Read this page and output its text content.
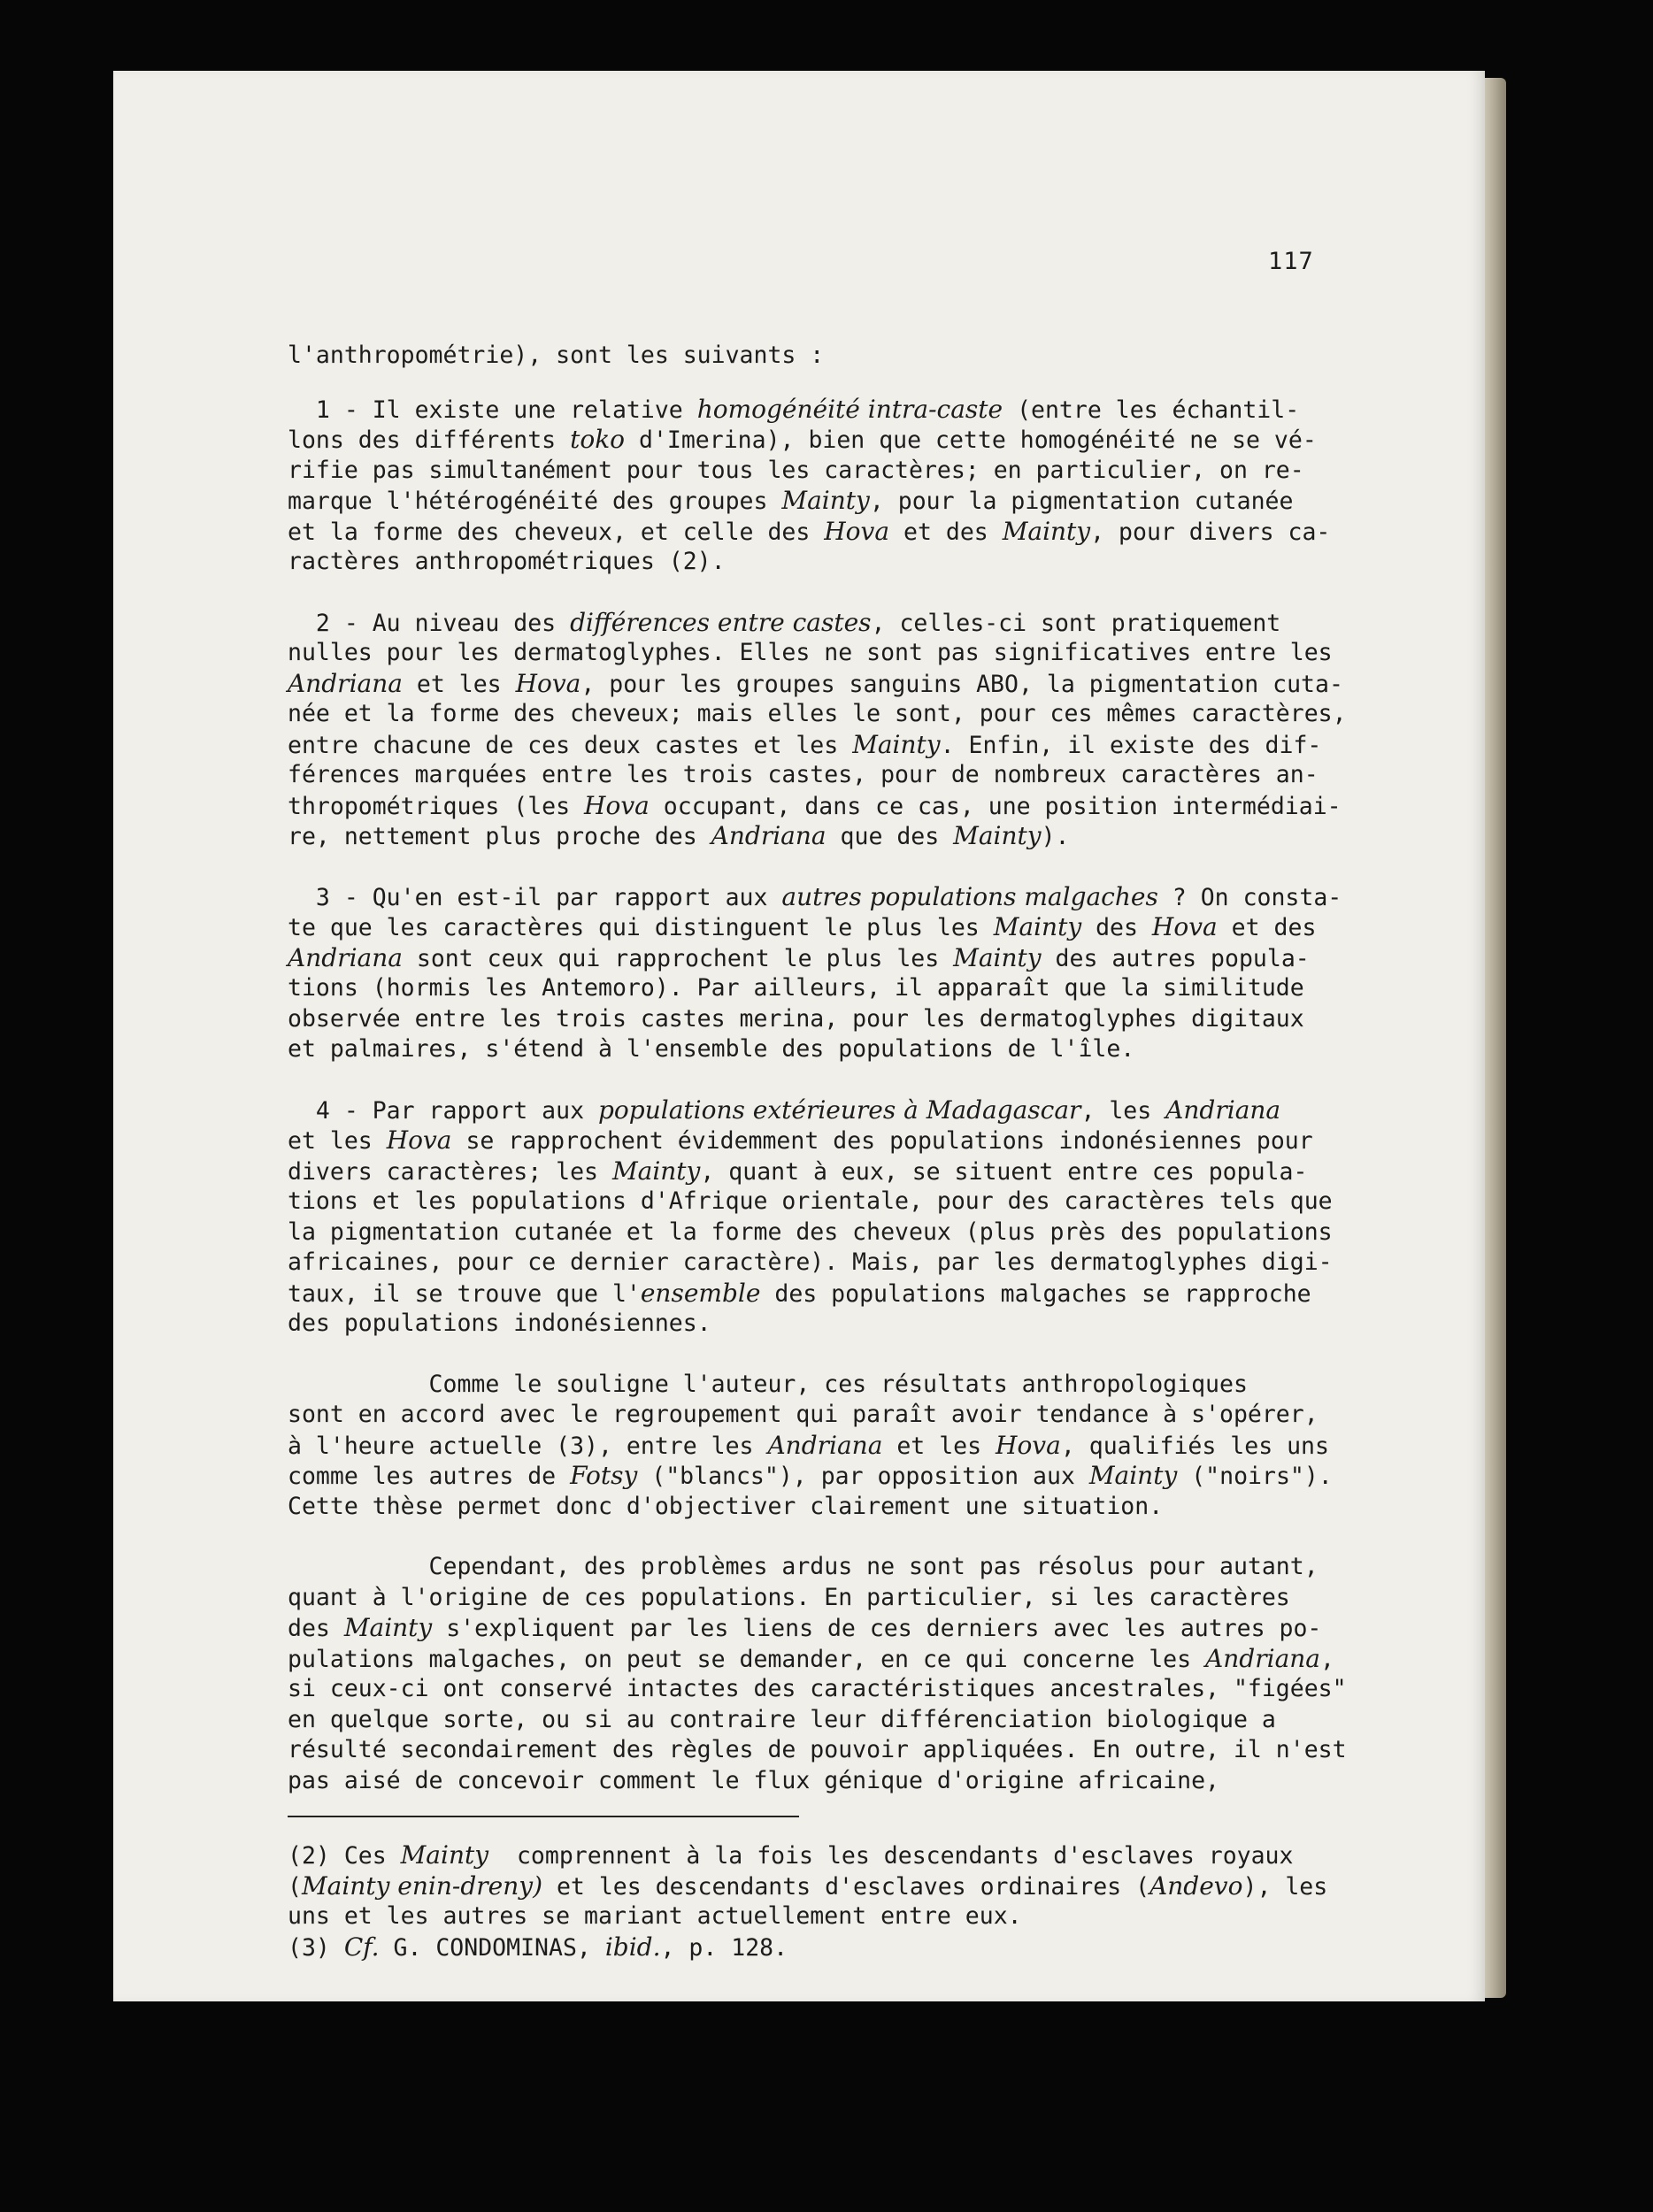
117
l'anthropométrie), sont les suivants :
1 - Il existe une relative homogénéité intra-caste (entre les échantil-
lons des différents toko d'Imerina), bien que cette homogénéité ne se vé-
rifie pas simultanément pour tous les caractères; en particulier, on re-
marque l'hétérogénéité des groupes Mainty, pour la pigmentation cutanée
et la forme des cheveux, et celle des Hova et des Mainty, pour divers ca-
ractères anthropométriques (2).
2 - Au niveau des différences entre castes, celles-ci sont pratiquement
nulles pour les dermatoglyphes. Elles ne sont pas significatives entre les
Andriana et les Hova, pour les groupes sanguins ABO, la pigmentation cuta-
née et la forme des cheveux; mais elles le sont, pour ces mêmes caractères,
entre chacune de ces deux castes et les Mainty. Enfin, il existe des dif-
férences marquées entre les trois castes, pour de nombreux caractères an-
thropométriques (les Hova occupant, dans ce cas, une position intermédiai-
re, nettement plus proche des Andriana que des Mainty).
3 - Qu'en est-il par rapport aux autres populations malgaches ? On consta-
te que les caractères qui distinguent le plus les Mainty des Hova et des
Andriana sont ceux qui rapprochent le plus les Mainty des autres popula-
tions (hormis les Antemoro). Par ailleurs, il apparaît que la similitude
observée entre les trois castes merina, pour les dermatoglyphes digitaux
et palmaires, s'étend à l'ensemble des populations de l'île.
4 - Par rapport aux populations extérieures à Madagascar, les Andriana
et les Hova se rapprochent évidemment des populations indonésiennes pour
divers caractères; les Mainty, quant à eux, se situent entre ces popula-
tions et les populations d'Afrique orientale, pour des caractères tels que
la pigmentation cutanée et la forme des cheveux (plus près des populations
africaines, pour ce dernier caractère). Mais, par les dermatoglyphes digi-
taux, il se trouve que l'ensemble des populations malgaches se rapproche
des populations indonésiennes.
Comme le souligne l'auteur, ces résultats anthropologiques
sont en accord avec le regroupement qui paraît avoir tendance à s'opérer,
à l'heure actuelle (3), entre les Andriana et les Hova, qualifiés les uns
comme les autres de Fotsy ("blancs"), par opposition aux Mainty ("noirs").
Cette thèse permet donc d'objectiver clairement une situation.
Cependant, des problèmes ardus ne sont pas résolus pour autant,
quant à l'origine de ces populations. En particulier, si les caractères
des Mainty s'expliquent par les liens de ces derniers avec les autres po-
pulations malgaches, on peut se demander, en ce qui concerne les Andriana,
si ceux-ci ont conservé intactes des caractéristiques ancestrales, "figées"
en quelque sorte, ou si au contraire leur différenciation biologique a
résulté secondairement des règles de pouvoir appliquées. En outre, il n'est
pas aisé de concevoir comment le flux génique d'origine africaine,
(2) Ces Mainty  comprennent à la fois les descendants d'esclaves royaux
(Mainty enin-dreny) et les descendants d'esclaves ordinaires (Andevo), les
uns et les autres se mariant actuellement entre eux.
(3) Cf. G. CONDOMINAS, ibid., p. 128.
